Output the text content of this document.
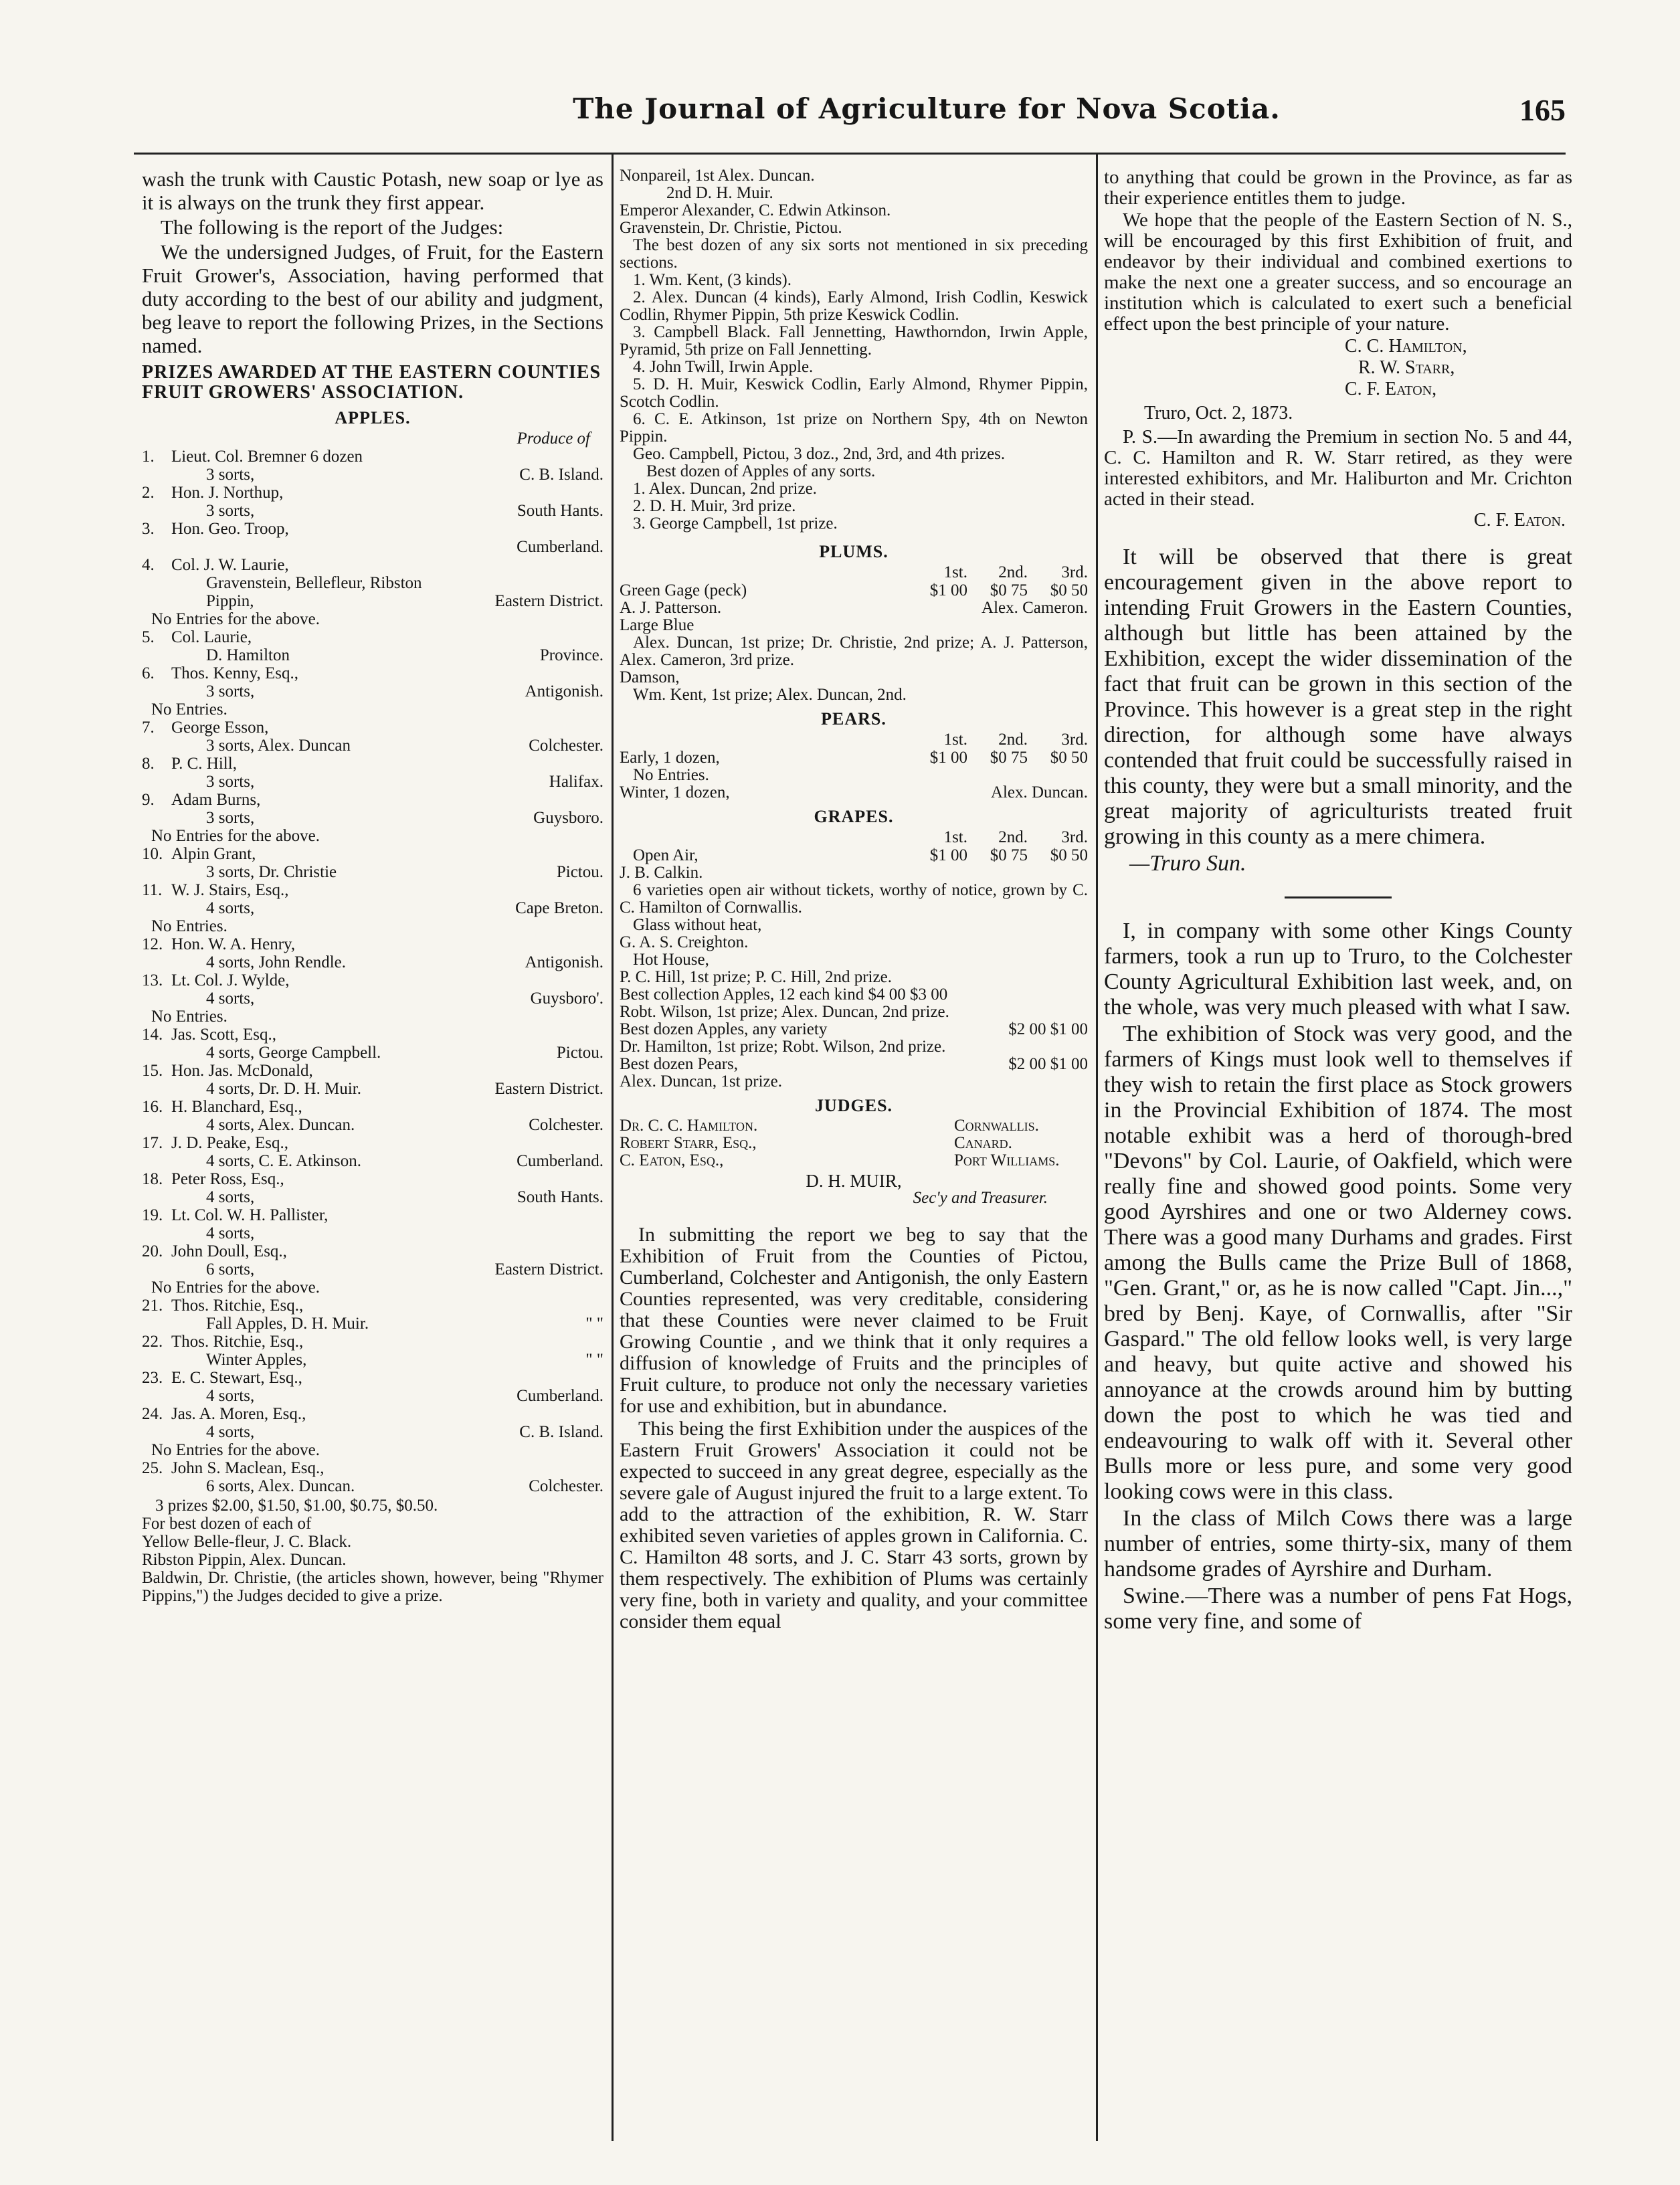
The Journal of Agriculture for Nova Scotia.	165

wash the trunk with Caustic Potash, new soap or lye as it is always on the trunk they first appear.

The following is the report of the Judges:

We the undersigned Judges, of Fruit, for the Eastern Fruit Grower's, Association, having performed that duty according to the best of our ability and judgment, beg leave to report the following Prizes, in the Sections named.

PRIZES AWARDED AT THE EASTERN COUNTIES FRUIT GROWERS' ASSOCIATION.
APPLES.
Produce of
1. Lieut. Col. Bremner 6 dozen
3 sorts,	C. B. Island.
2. Hon. J. Northup,
3 sorts,	South Hants.
3. Hon. Geo. Troop,
Cumberland.
4. Col. J. W. Laurie,
Gravenstein, Bellefleur, Ribston Pippin,	Eastern District.
No Entries for the above.
5. Col. Laurie,
D. Hamilton	Province.
6. Thos. Kenny, Esq.,
3 sorts,	Antigonish.
No Entries.
7. George Esson,
3 sorts, Alex. Duncan	Colchester.
8. P. C. Hill,
3 sorts,	Halifax.
9. Adam Burns,
3 sorts,	Guysboro.
No Entries for the above.
10. Alpin Grant,
3 sorts, Dr. Christie	Pictou.
11. W. J. Stairs, Esq.,
4 sorts,	Cape Breton.
No Entries.
12. Hon. W. A. Henry,
4 sorts, John Rendle.	Antigonish.
13. Lt. Col. J. Wylde,
4 sorts,	Guysboro'.
No Entries.
14. Jas. Scott, Esq.,
4 sorts, George Campbell.	Pictou.
15. Hon. Jas. McDonald,
4 sorts, Dr. D. H. Muir.	Eastern District.
16. H. Blanchard, Esq.,
4 sorts, Alex. Duncan.	Colchester.
17. J. D. Peake, Esq.,
4 sorts, C. E. Atkinson.	Cumberland.
18. Peter Ross, Esq.,
4 sorts,	South Hants.
19. Lt. Col. W. H. Pallister,
4 sorts,
20. John Doull, Esq.,
6 sorts,	Eastern District.
No Entries for the above.
21. Thos. Ritchie, Esq.,
Fall Apples, D. H. Muir.	" "
22. Thos. Ritchie, Esq.,
Winter Apples,	" "
23. E. C. Stewart, Esq.,
4 sorts,	Cumberland.
24. Jas. A. Moren, Esq.,
4 sorts,	C. B. Island.
No Entries for the above.
25. John S. Maclean, Esq.,
6 sorts, Alex. Duncan.	Colchester.
3 prizes $2.00, $1.50, $1.00, $0.75, $0.50.
For best dozen of each of
Yellow Belle-fleur, J. C. Black.
Ribston Pippin, Alex. Duncan.
Baldwin, Dr. Christie, (the articles shown, however, being "Rhymer Pippins,") the Judges decided to give a prize.
Nonpareil, 1st Alex. Duncan.
2nd D. H. Muir.
Emperor Alexander, C. Edwin Atkinson.
Gravenstein, Dr. Christie, Pictou.
The best dozen of any six sorts not mentioned in six preceding sections.
1. Wm. Kent, (3 kinds).
2. Alex. Duncan (4 kinds), Early Almond, Irish Codlin, Keswick Codlin, Rhymer Pippin, 5th prize Keswick Codlin.
3. Campbell Black. Fall Jennetting, Hawthorndon, Irwin Apple, Pyramid, 5th prize on Fall Jennetting.
4. John Twill, Irwin Apple.
5. D. H. Muir, Keswick Codlin, Early Almond, Rhymer Pippin, Scotch Codlin.
6. C. E. Atkinson, 1st prize on Northern Spy, 4th on Newton Pippin.
Geo. Campbell, Pictou, 3 doz., 2nd, 3rd, and 4th prizes.
Best dozen of Apples of any sorts.
1. Alex. Duncan, 2nd prize.
2. D. H. Muir, 3rd prize.
3. George Campbell, 1st prize.
PLUMS.
1st.	2nd.	3rd.
Green Gage (peck)	$1 00	$0 75	$0 50
A. J. Patterson.	Alex. Cameron.
Large Blue
Alex. Duncan, 1st prize; Dr. Christie, 2nd prize; A. J. Patterson, Alex. Cameron, 3rd prize.
Damson,
Wm. Kent, 1st prize; Alex. Duncan, 2nd.
PEARS.
1st.	2nd.	3rd.
Early, 1 dozen,	$1 00	$0 75	$0 50
No Entries.
Winter, 1 dozen,	Alex. Duncan.
GRAPES.
1st.	2nd.	3rd.
Open Air,	$1 00	$0 75	$0 50
J. B. Calkin.
6 varieties open air without tickets, worthy of notice, grown by C. C. Hamilton of Cornwallis.
Glass without heat,
G. A. S. Creighton.
Hot House,
P. C. Hill, 1st prize; P. C. Hill, 2nd prize.
Best collection Apples, 12 each kind $4 00 $3 00
Robt. Wilson, 1st prize; Alex. Duncan, 2nd prize.
Best dozen Apples, any variety	$2 00 $1 00
Dr. Hamilton, 1st prize; Robt. Wilson, 2nd prize.
Best dozen Pears,	$2 00 $1 00
Alex. Duncan, 1st prize.
JUDGES.
Dr. C. C. Hamilton.	Cornwallis.
Robert Starr, Esq.,	Canard.
C. Eaton, Esq.,	Port Williams.
D. H. MUIR,
Sec'y and Treasurer.

In submitting the report we beg to say that the Exhibition of Fruit from the Counties of Pictou, Cumberland, Colchester and Antigonish, the only Eastern Counties represented, was very creditable, considering that these Counties were never claimed to be Fruit Growing Countie , and we think that it only requires a diffusion of knowledge of Fruits and the principles of Fruit culture, to produce not only the necessary varieties for use and exhibition, but in abundance.

This being the first Exhibition under the auspices of the Eastern Fruit Growers' Association it could not be expected to succeed in any great degree, especially as the severe gale of August injured the fruit to a large extent. To add to the attraction of the exhibition, R. W. Starr exhibited seven varieties of apples grown in California. C. C. Hamilton 48 sorts, and J. C. Starr 43 sorts, grown by them respectively. The exhibition of Plums was certainly very fine, both in variety and quality, and your committee consider them equal

to anything that could be grown in the Province, as far as their experience entitles them to judge.

We hope that the people of the Eastern Section of N. S., will be encouraged by this first Exhibition of fruit, and endeavor by their individual and combined exertions to make the next one a greater success, and so encourage an institution which is calculated to exert such a beneficial effect upon the best principle of your nature.

C. C. Hamilton,
R. W. Starr,
C. F. Eaton,
Truro, Oct. 2, 1873.

P. S.—In awarding the Premium in section No. 5 and 44, C. C. Hamilton and R. W. Starr retired, as they were interested exhibitors, and Mr. Haliburton and Mr. Crichton acted in their stead.

C. F. Eaton.

It will be observed that there is great encouragement given in the above report to intending Fruit Growers in the Eastern Counties, although but little has been attained by the Exhibition, except the wider dissemination of the fact that fruit can be grown in this section of the Province. This however is a great step in the right direction, for although some have always contended that fruit could be successfully raised in this county, they were but a small minority, and the great majority of agriculturists treated fruit growing in this county as a mere chimera.

—Truro Sun.

I, in company with some other Kings County farmers, took a run up to Truro, to the Colchester County Agricultural Exhibition last week, and, on the whole, was very much pleased with what I saw.

The exhibition of Stock was very good, and the farmers of Kings must look well to themselves if they wish to retain the first place as Stock growers in the Provincial Exhibition of 1874. The most notable exhibit was a herd of thorough-bred "Devons" by Col. Laurie, of Oakfield, which were really fine and showed good points. Some very good Ayrshires and one or two Alderney cows. There was a good many Durhams and grades. First among the Bulls came the Prize Bull of 1868, "Gen. Grant," or, as he is now called "Capt. Jin...," bred by Benj. Kaye, of Cornwallis, after "Sir Gaspard." The old fellow looks well, is very large and heavy, but quite active and showed his annoyance at the crowds around him by butting down the post to which he was tied and endeavouring to walk off with it. Several other Bulls more or less pure, and some very good looking cows were in this class.

In the class of Milch Cows there was a large number of entries, some thirty-six, many of them handsome grades of Ayrshire and Durham.

Swine.—There was a number of pens Fat Hogs, some very fine, and some of
